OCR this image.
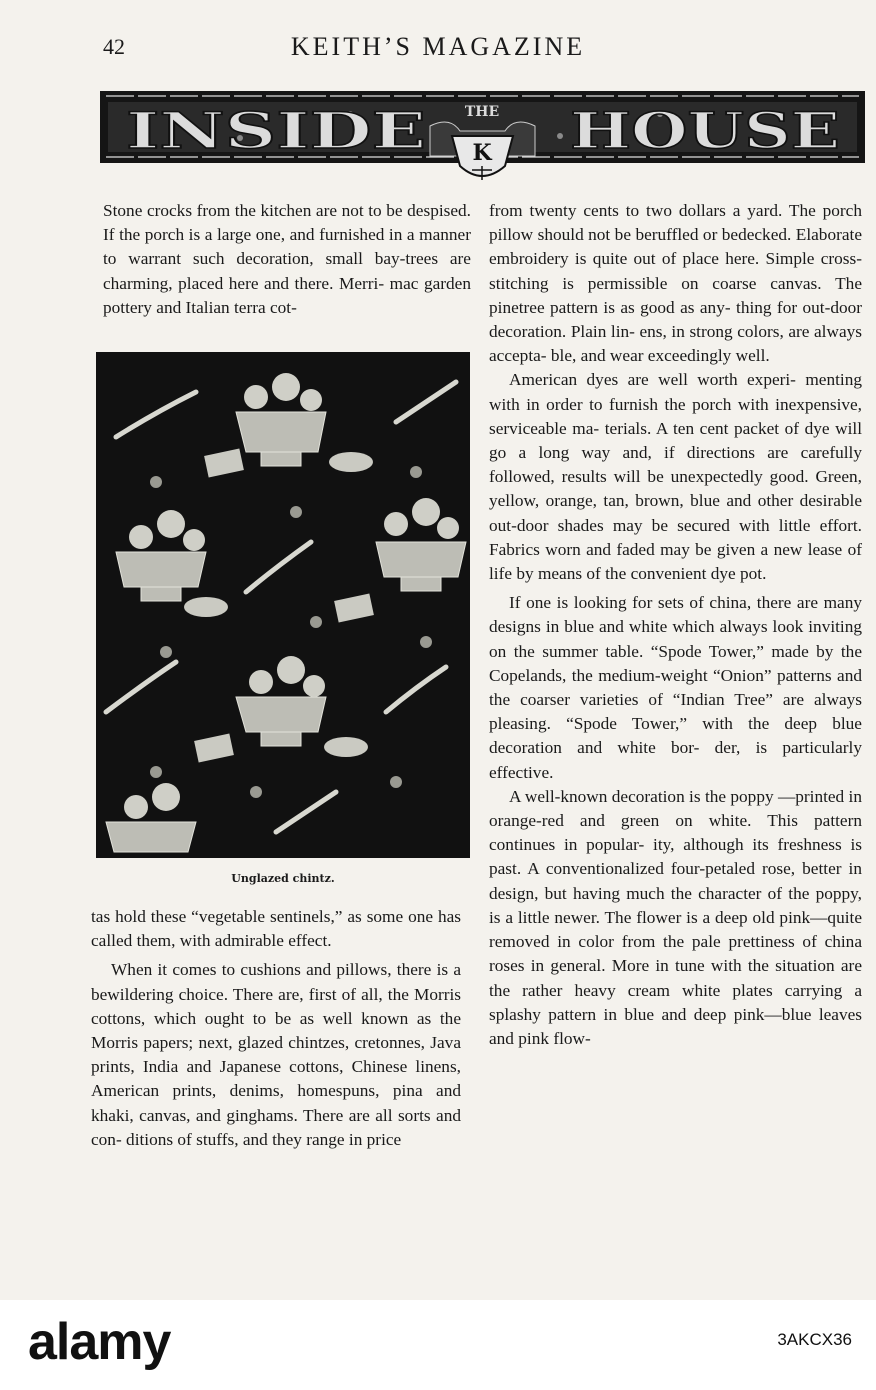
42	KEITH’S MAGAZINE
INSIDE	HOUSE
THE
K

Stone crocks from the kitchen are not to be despised. If the porch is a large one, and furnished in a manner to warrant such decoration, small bay-trees are charming, placed here and there. Merri- mac garden pottery and Italian terra cot-

Unglazed chintz.

tas hold these “vegetable sentinels,” as some one has called them, with admirable effect.

When it comes to cushions and pillows, there is a bewildering choice. There are, first of all, the Morris cottons, which ought to be as well known as the Morris papers; next, glazed chintzes, cretonnes, Java prints, India and Japanese cottons, Chinese linens, American prints, denims, homespuns, pina and khaki, canvas, and ginghams. There are all sorts and con- ditions of stuffs, and they range in price

from twenty cents to two dollars a yard. The porch pillow should not be beruffled or bedecked. Elaborate embroidery is quite out of place here. Simple cross- stitching is permissible on coarse canvas. The pinetree pattern is as good as any- thing for out-door decoration. Plain lin- ens, in strong colors, are always accepta- ble, and wear exceedingly well.

American dyes are well worth experi- menting with in order to furnish the porch with inexpensive, serviceable ma- terials. A ten cent packet of dye will go a long way and, if directions are carefully followed, results will be unexpectedly good. Green, yellow, orange, tan, brown, blue and other desirable out-door shades may be secured with little effort. Fabrics worn and faded may be given a new lease of life by means of the convenient dye pot.

If one is looking for sets of china, there are many designs in blue and white which always look inviting on the summer table. “Spode Tower,” made by the Copelands, the medium-weight “Onion” patterns and the coarser varieties of “Indian Tree” are always pleasing. “Spode Tower,” with the deep blue decoration and white bor- der, is particularly effective.

A well-known decoration is the poppy —printed in orange-red and green on white. This pattern continues in popular- ity, although its freshness is past. A conventionalized four-petaled rose, better in design, but having much the character of the poppy, is a little newer. The flower is a deep old pink—quite removed in color from the pale prettiness of china roses in general. More in tune with the situation are the rather heavy cream white plates carrying a splashy pattern in blue and deep pink—blue leaves and pink flow-

alamy	3AKCX36
